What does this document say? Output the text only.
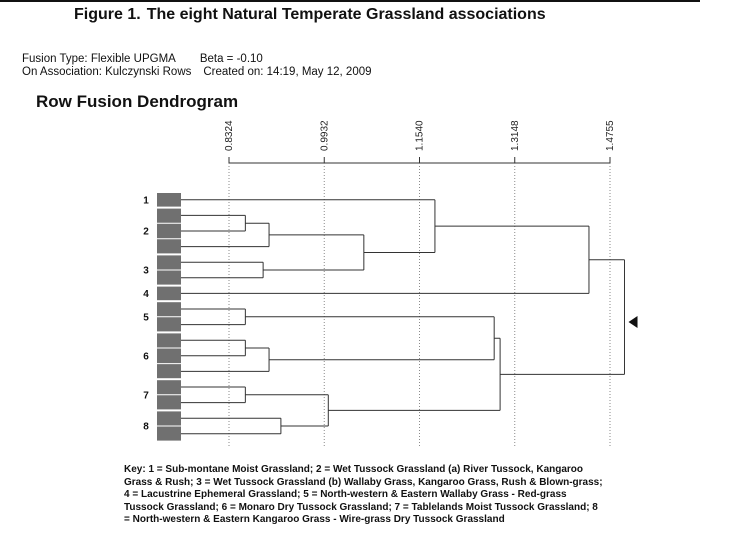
Figure 1. The eight Natural Temperate Grassland associations
Fusion Type: Flexible UPGMA Beta = -0.10
On Association: Kulczynski Rows Created on: 14:19, May 12, 2009
Row Fusion Dendrogram
0.8324	0.9932	1.1540	1.3148	1.4755
1
2
3
4
5
6
7
8
Key: 1 = Sub-montane Moist Grassland; 2 = Wet Tussock Grassland (a) River Tussock, Kangaroo Grass & Rush; 3 = Wet Tussock Grassland (b) Wallaby Grass, Kangaroo Grass, Rush & Blown-grass; 4 = Lacustrine Ephemeral Grassland; 5 = North-western & Eastern Wallaby Grass - Red-grass Tussock Grassland; 6 = Monaro Dry Tussock Grassland; 7 = Tablelands Moist Tussock Grassland; 8 = North-western & Eastern Kangaroo Grass - Wire-grass Dry Tussock Grassland
